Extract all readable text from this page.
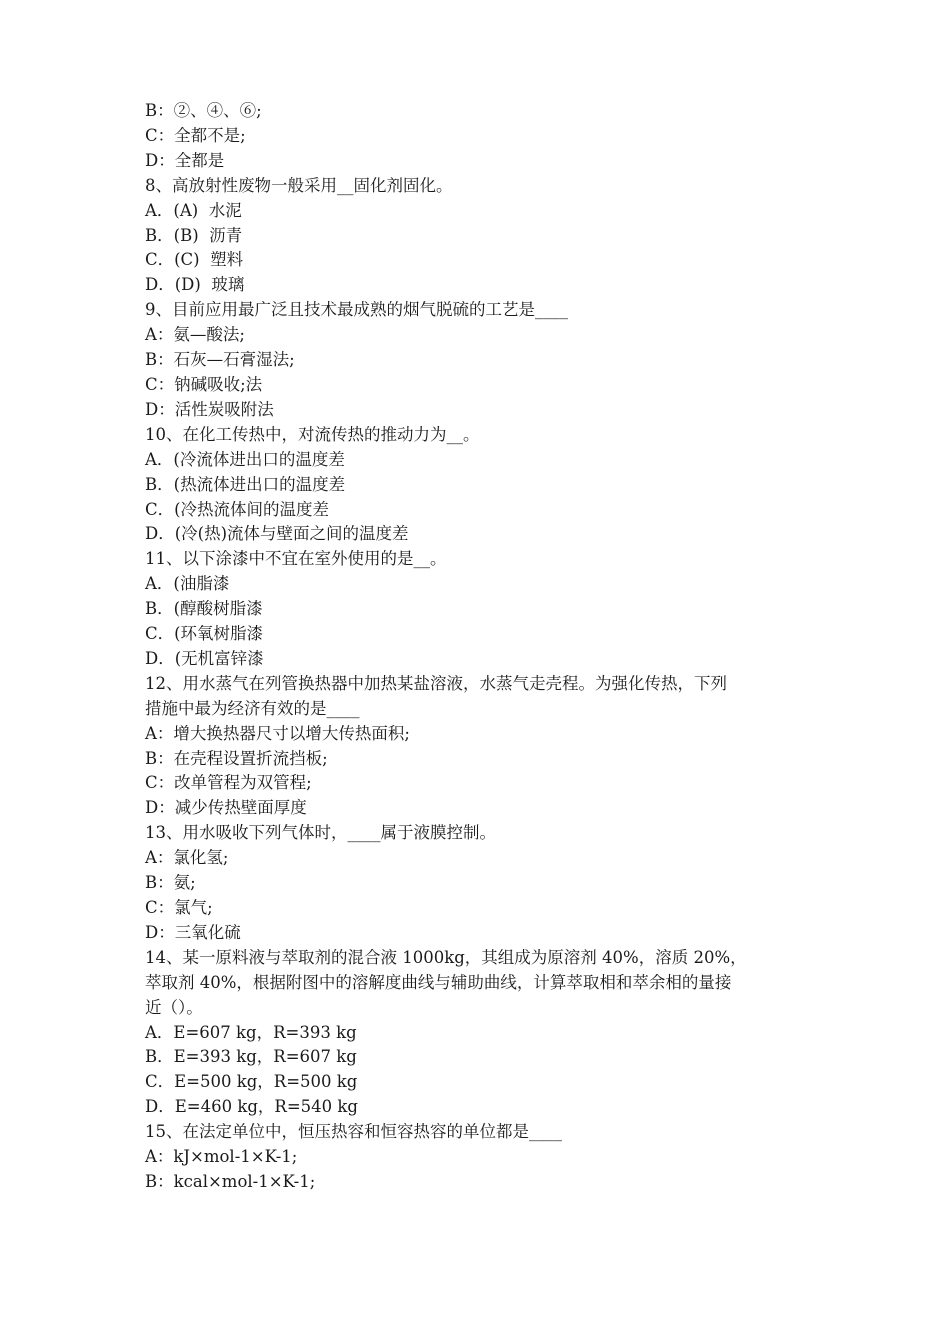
B：②、④、⑥;
C：全都不是;
D：全都是
8、高放射性废物一般采用__固化剂固化。
A．(A)  水泥
B．(B)  沥青
C．(C)  塑料
D．(D)  玻璃
9、目前应用最广泛且技术最成熟的烟气脱硫的工艺是____
A：氨—酸法;
B：石灰—石膏湿法;
C：钠碱吸收;法
D：活性炭吸附法
10、在化工传热中，对流传热的推动力为__。
A．(冷流体进出口的温度差
B．(热流体进出口的温度差
C．(冷热流体间的温度差
D．(冷(热)流体与壁面之间的温度差
11、以下涂漆中不宜在室外使用的是__。
A．(油脂漆
B．(醇酸树脂漆
C．(环氧树脂漆
D．(无机富锌漆
12、用水蒸气在列管换热器中加热某盐溶液，水蒸气走壳程。为强化传热，下列
措施中最为经济有效的是____
A：增大换热器尺寸以增大传热面积;
B：在壳程设置折流挡板;
C：改单管程为双管程;
D：减少传热壁面厚度
13、用水吸收下列气体时，____属于液膜控制。
A：氯化氢;
B：氨;
C：氯气;
D：三氧化硫
14、某一原料液与萃取剂的混合液 1000kg，其组成为原溶剂 40%，溶质 20%，
萃取剂 40%，根据附图中的溶解度曲线与辅助曲线，计算萃取相和萃余相的量接
近（）。
A．E=607 kg，R=393 kg
B．E=393 kg，R=607 kg
C．E=500 kg，R=500 kg
D．E=460 kg，R=540 kg
15、在法定单位中，恒压热容和恒容热容的单位都是____
A：kJ×mol-1×K-1;
B：kcal×mol-1×K-1;
